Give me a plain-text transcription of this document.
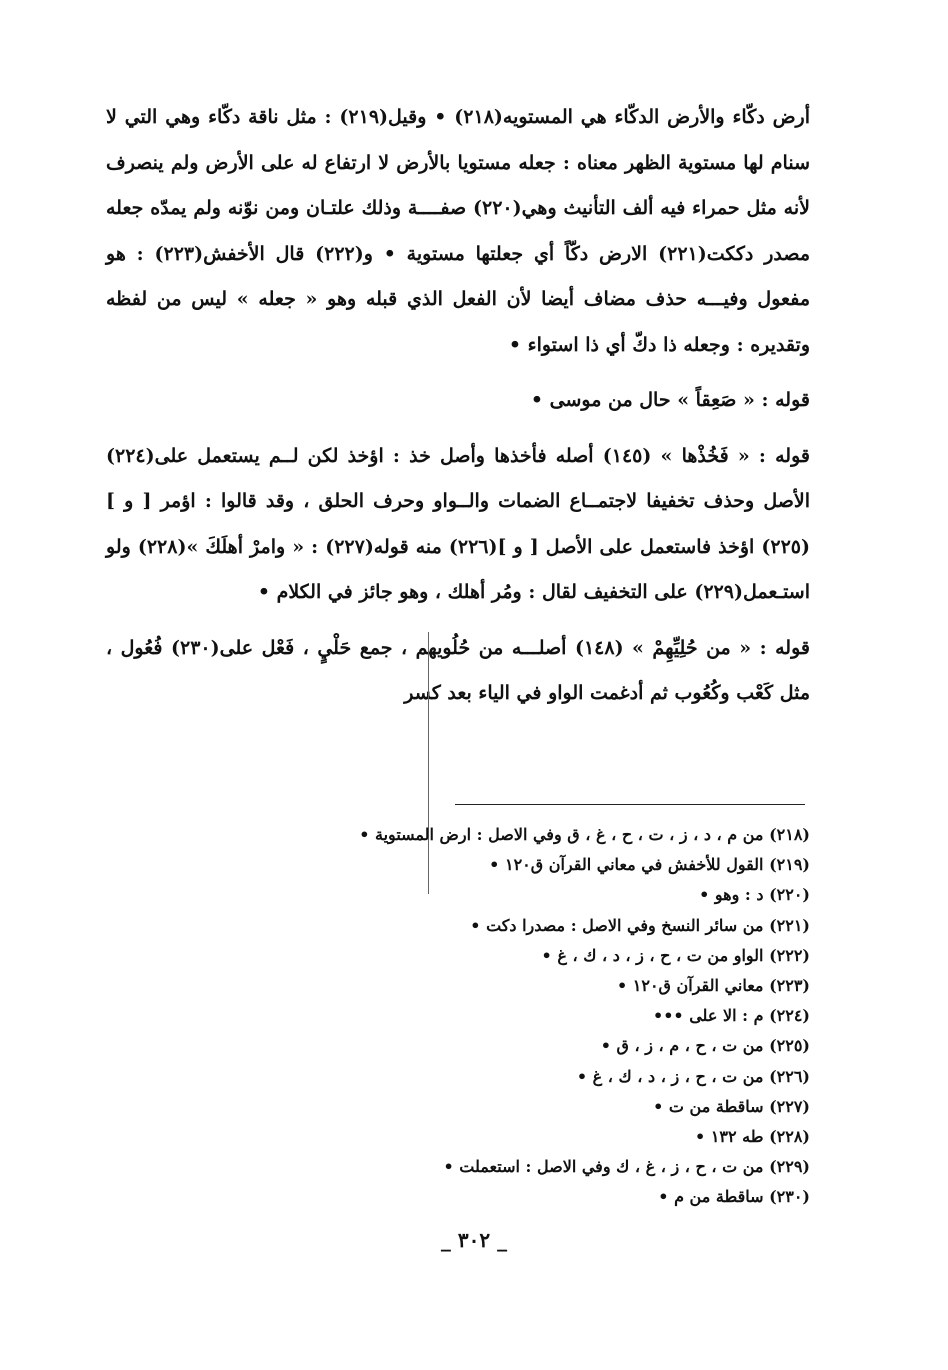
أرض دكّاء والأرض الدكّاء هي المستويه(٢١٨) • وقيل(٢١٩) : مثل ناقة دكّاء وهي التي لا سنام لها مستوية الظهر معناه : جعله مستويا بالأرض لا ارتفاع له على الأرض ولم ينصرف لأنه مثل حمراء فيه ألف التأنيث وهي(٢٢٠) صفــــة وذلك علتـان ومن نوّنه ولم يمدّه جعله مصدر دككت(٢٢١) الارض دكّاً أي جعلتها مستوية • و(٢٢٢) قال الأخفش(٢٢٣) : هو مفعول وفيـــه حذف مضاف أيضا لأن الفعل الذي قبله وهو « جعله » ليس من لفظه وتقديره : وجعله ذا دكّ أي ذا استواء •

قوله : « صَعِقاً » حال من موسى •

قوله : « فَخُذْها » (١٤٥) أصله فأخذها وأصل خذ : اؤخذ لكن لــم يستعمل على(٢٢٤) الأصل وحذف تخفيفا لاجتمــاع الضمات والــواو وحرف الحلق ، وقد قالوا : اؤمر [ و ](٢٢٥) اؤخذ فاستعمل على الأصل [ و ](٢٢٦) منه قوله(٢٢٧) : « وامرْ أهلَكَ »(٢٢٨) ولو استـعمل(٢٢٩) على التخفيف لقال : ومُر أهلك ، وهو جائز في الكلام •

قوله : « من حُلِيِّهِمْ » (١٤٨) أصلـــه من حُلُويهم ، جمع حَلْيٍ ، فَعْل على(٢٣٠) فُعُول ، مثل كَعْب وكُعُوب ثم أدغمت الواو في الياء بعد كسر

(٢١٨) من م ، د ، ز ، ت ، ح ، غ ، ق وفي الاصل : ارض المستوية •
(٢١٩) القول للأخفش في معاني القرآن ق١٢٠ •
(٢٢٠) د : وهو •
(٢٢١) من سائر النسخ وفي الاصل : مصدرا دكت •
(٢٢٢) الواو من ت ، ح ، ز ، د ، ك ، غ •
(٢٢٣) معاني القرآن ق١٢٠ •
(٢٢٤) م : الا على •••
(٢٢٥) من ت ، ح ، م ، ز ، ق •
(٢٢٦) من ت ، ح ، ز ، د ، ك ، غ •
(٢٢٧) ساقطة من ت •
(٢٢٨) طه ١٣٢ •
(٢٢٩) من ت ، ح ، ز ، غ ، ك وفي الاصل : استعملت •
(٢٣٠) ساقطة من م •
_ ٣٠٢ _
